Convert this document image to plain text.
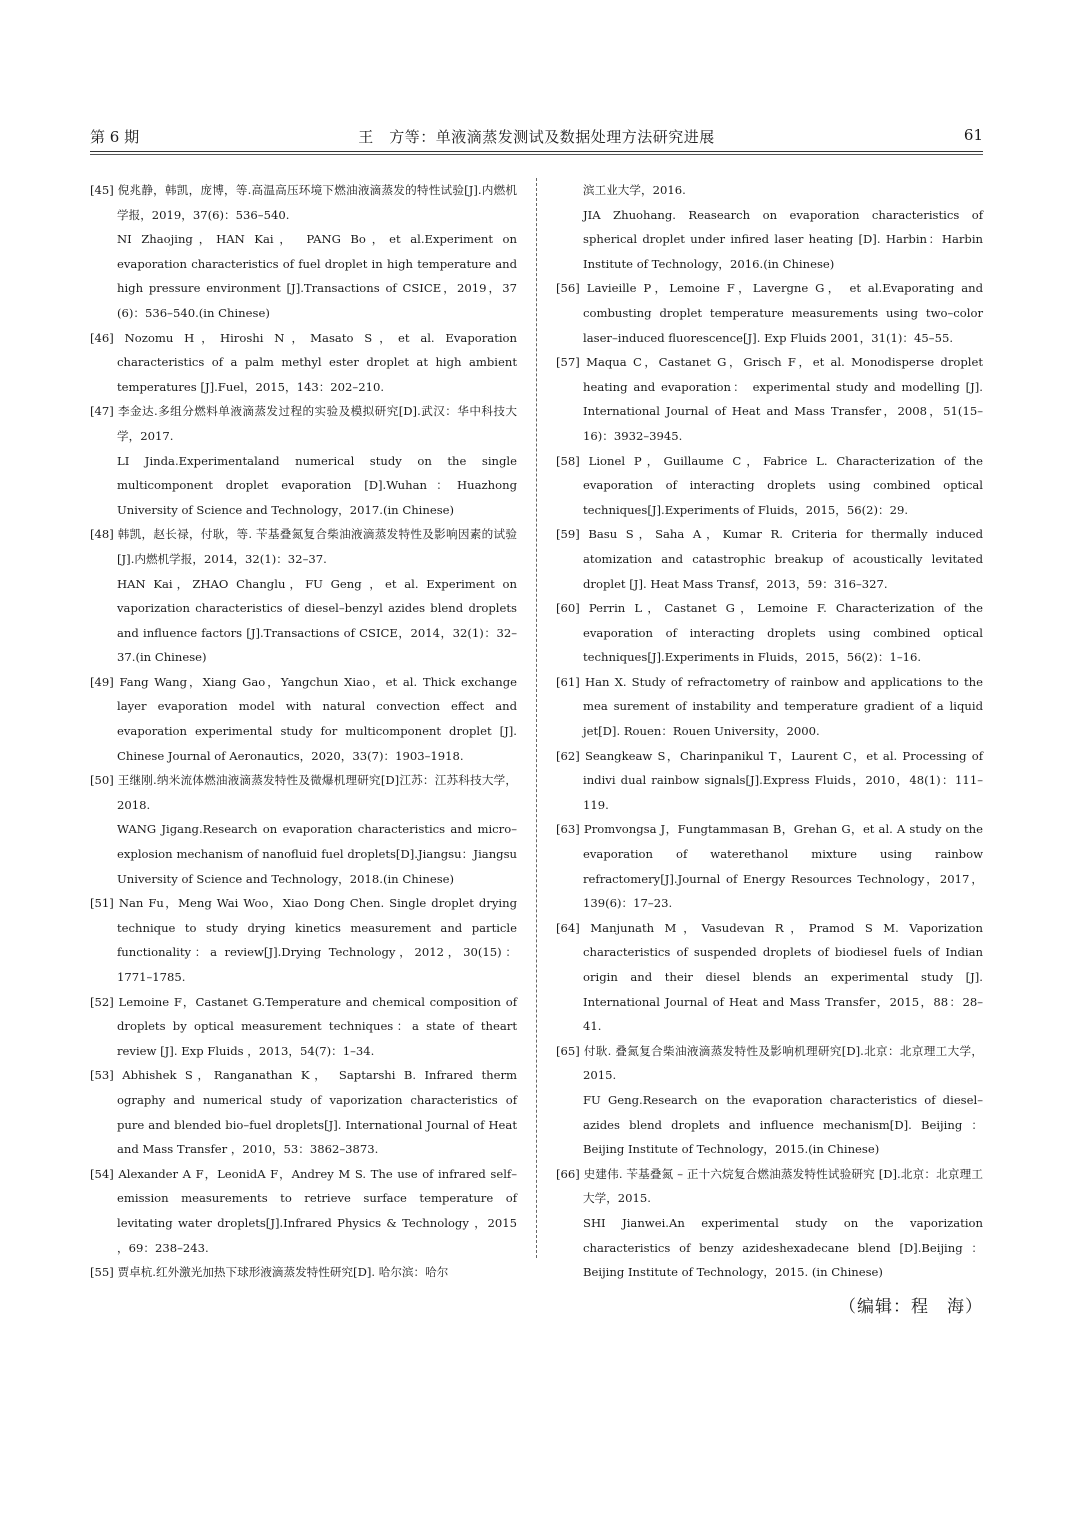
第 6 期	王　方等：单液滴蒸发测试及数据处理方法研究进展	61

[45] 倪兆静，韩凯，庞博，等.高温高压环境下燃油液滴蒸发的特性试验[J].内燃机学报，2019，37(6)：536–540.
NI Zhaojing，HAN Kai， PANG Bo，et al.Experiment on evaporation characteristics of fuel droplet in high temperature and high pressure environment [J].Transactions of CSICE，2019，37 (6)：536–540.(in Chinese)

[46] Nozomu H，Hiroshi N，Masato S，et al. Evaporation characteristics of a palm methyl ester droplet at high ambient temperatures [J].Fuel，2015，143：202–210.

[47] 李金达.多组分燃料单液滴蒸发过程的实验及模拟研究[D].武汉：华中科技大学，2017.
LI Jinda.Experimentaland numerical study on the single multicomponent droplet evaporation [D].Wuhan：Huazhong University of Science and Technology，2017.(in Chinese)

[48] 韩凯，赵长禄，付耿，等. 苄基叠氮复合柴油液滴蒸发特性及影响因素的试验[J].内燃机学报，2014，32(1)：32–37.
HAN Kai，ZHAO Changlu，FU Geng ，et al. Experiment on vaporization characteristics of diesel–benzyl azides blend droplets and influence factors [J].Transactions of CSICE，2014，32(1)：32–37.(in Chinese)

[49] Fang Wang，Xiang Gao，Yangchun Xiao，et al. Thick exchange layer evaporation model with natural convection effect and evaporation experimental study for multicomponent droplet [J]. Chinese Journal of Aeronautics，2020，33(7)：1903–1918.

[50] 王继刚.纳米流体燃油液滴蒸发特性及微爆机理研究[D]江苏：江苏科技大学，2018.
WANG Jigang.Research on evaporation characteristics and micro–explosion mechanism of nanofluid fuel droplets[D].Jiangsu：Jiangsu University of Science and Technology，2018.(in Chinese)

[51] Nan Fu，Meng Wai Woo，Xiao Dong Chen. Single droplet drying technique to study drying kinetics measurement and particle functionality：a review[J].Drying Technology，2012，30(15)： 1771–1785.

[52] Lemoine F，Castanet G.Temperature and chemical composition of droplets by optical measurement techniques：a state of theart review [J]. Exp Fluids ，2013，54(7)：1–34.

[53] Abhishek S，Ranganathan K， Saptarshi B. Infrared therm ography and numerical study of vaporization characteristics of pure and blended bio–fuel droplets[J]. International Journal of Heat and Mass Transfer ，2010，53：3862–3873.

[54] Alexander A F，LeonidA F，Andrey M S. The use of infrared self–emission measurements to retrieve surface temperature of levitating water droplets[J].Infrared Physics & Technology ，2015 ，69：238–243.

[55] 贾卓杭.红外激光加热下球形液滴蒸发特性研究[D]. 哈尔滨：哈尔

滨工业大学，2016.
JIA Zhuohang. Reasearch on evaporation characteristics of spherical droplet under infired laser heating [D]. Harbin：Harbin Institute of Technology，2016.(in Chinese)

[56] Lavieille P，Lemoine F，Lavergne G， et al.Evaporating and combusting droplet temperature measurements using two–color laser–induced fluorescence[J]. Exp Fluids 2001，31(1)：45–55.

[57] Maqua C，Castanet G，Grisch F，et al. Monodisperse droplet heating and evaporation： experimental study and modelling [J]. International Journal of Heat and Mass Transfer，2008，51(15–16)：3932–3945.

[58] Lionel P，Guillaume C，Fabrice L. Characterization of the evaporation of interacting droplets using combined optical techniques[J].Experiments of Fluids，2015，56(2)：29.

[59] Basu S，Saha A，Kumar R. Criteria for thermally induced atomization and catastrophic breakup of acoustically levitated droplet [J]. Heat Mass Transf，2013，59：316–327.

[60] Perrin L，Castanet G，Lemoine F. Characterization of the evaporation of interacting droplets using combined optical techniques[J].Experiments in Fluids，2015，56(2)：1–16.

[61] Han X. Study of refractometry of rainbow and applications to the mea surement of instability and temperature gradient of a liquid jet[D]. Rouen：Rouen University，2000.

[62] Seangkeaw S，Charinpanikul T，Laurent C，et al. Processing of indivi dual rainbow signals[J].Express Fluids，2010，48(1)：111–119.

[63] Promvongsa J，Fungtammasan B，Grehan G，et al. A study on the evaporation of waterethanol mixture using rainbow refractomery[J].Journal of Energy Resources Technology，2017，139(6)：17–23.

[64] Manjunath M，Vasudevan R，Pramod S M. Vaporization characteristics of suspended droplets of biodiesel fuels of Indian origin and their diesel blends an experimental study [J]. International Journal of Heat and Mass Transfer，2015，88：28–41.

[65] 付耿. 叠氮复合柴油液滴蒸发特性及影响机理研究[D].北京：北京理工大学，2015.
FU Geng.Research on the evaporation characteristics of diesel–azides blend droplets and influence mechanism[D]. Beijing ：Beijing Institute of Technology，2015.(in Chinese)

[66] 史建伟. 苄基叠氮 – 正十六烷复合燃油蒸发特性试验研究 [D].北京：北京理工大学，2015.
SHI Jianwei.An experimental study on the vaporization characteristics of benzy azideshexadecane blend [D].Beijing ：Beijing Institute of Technology，2015. (in Chinese)

（编辑：程　海）
